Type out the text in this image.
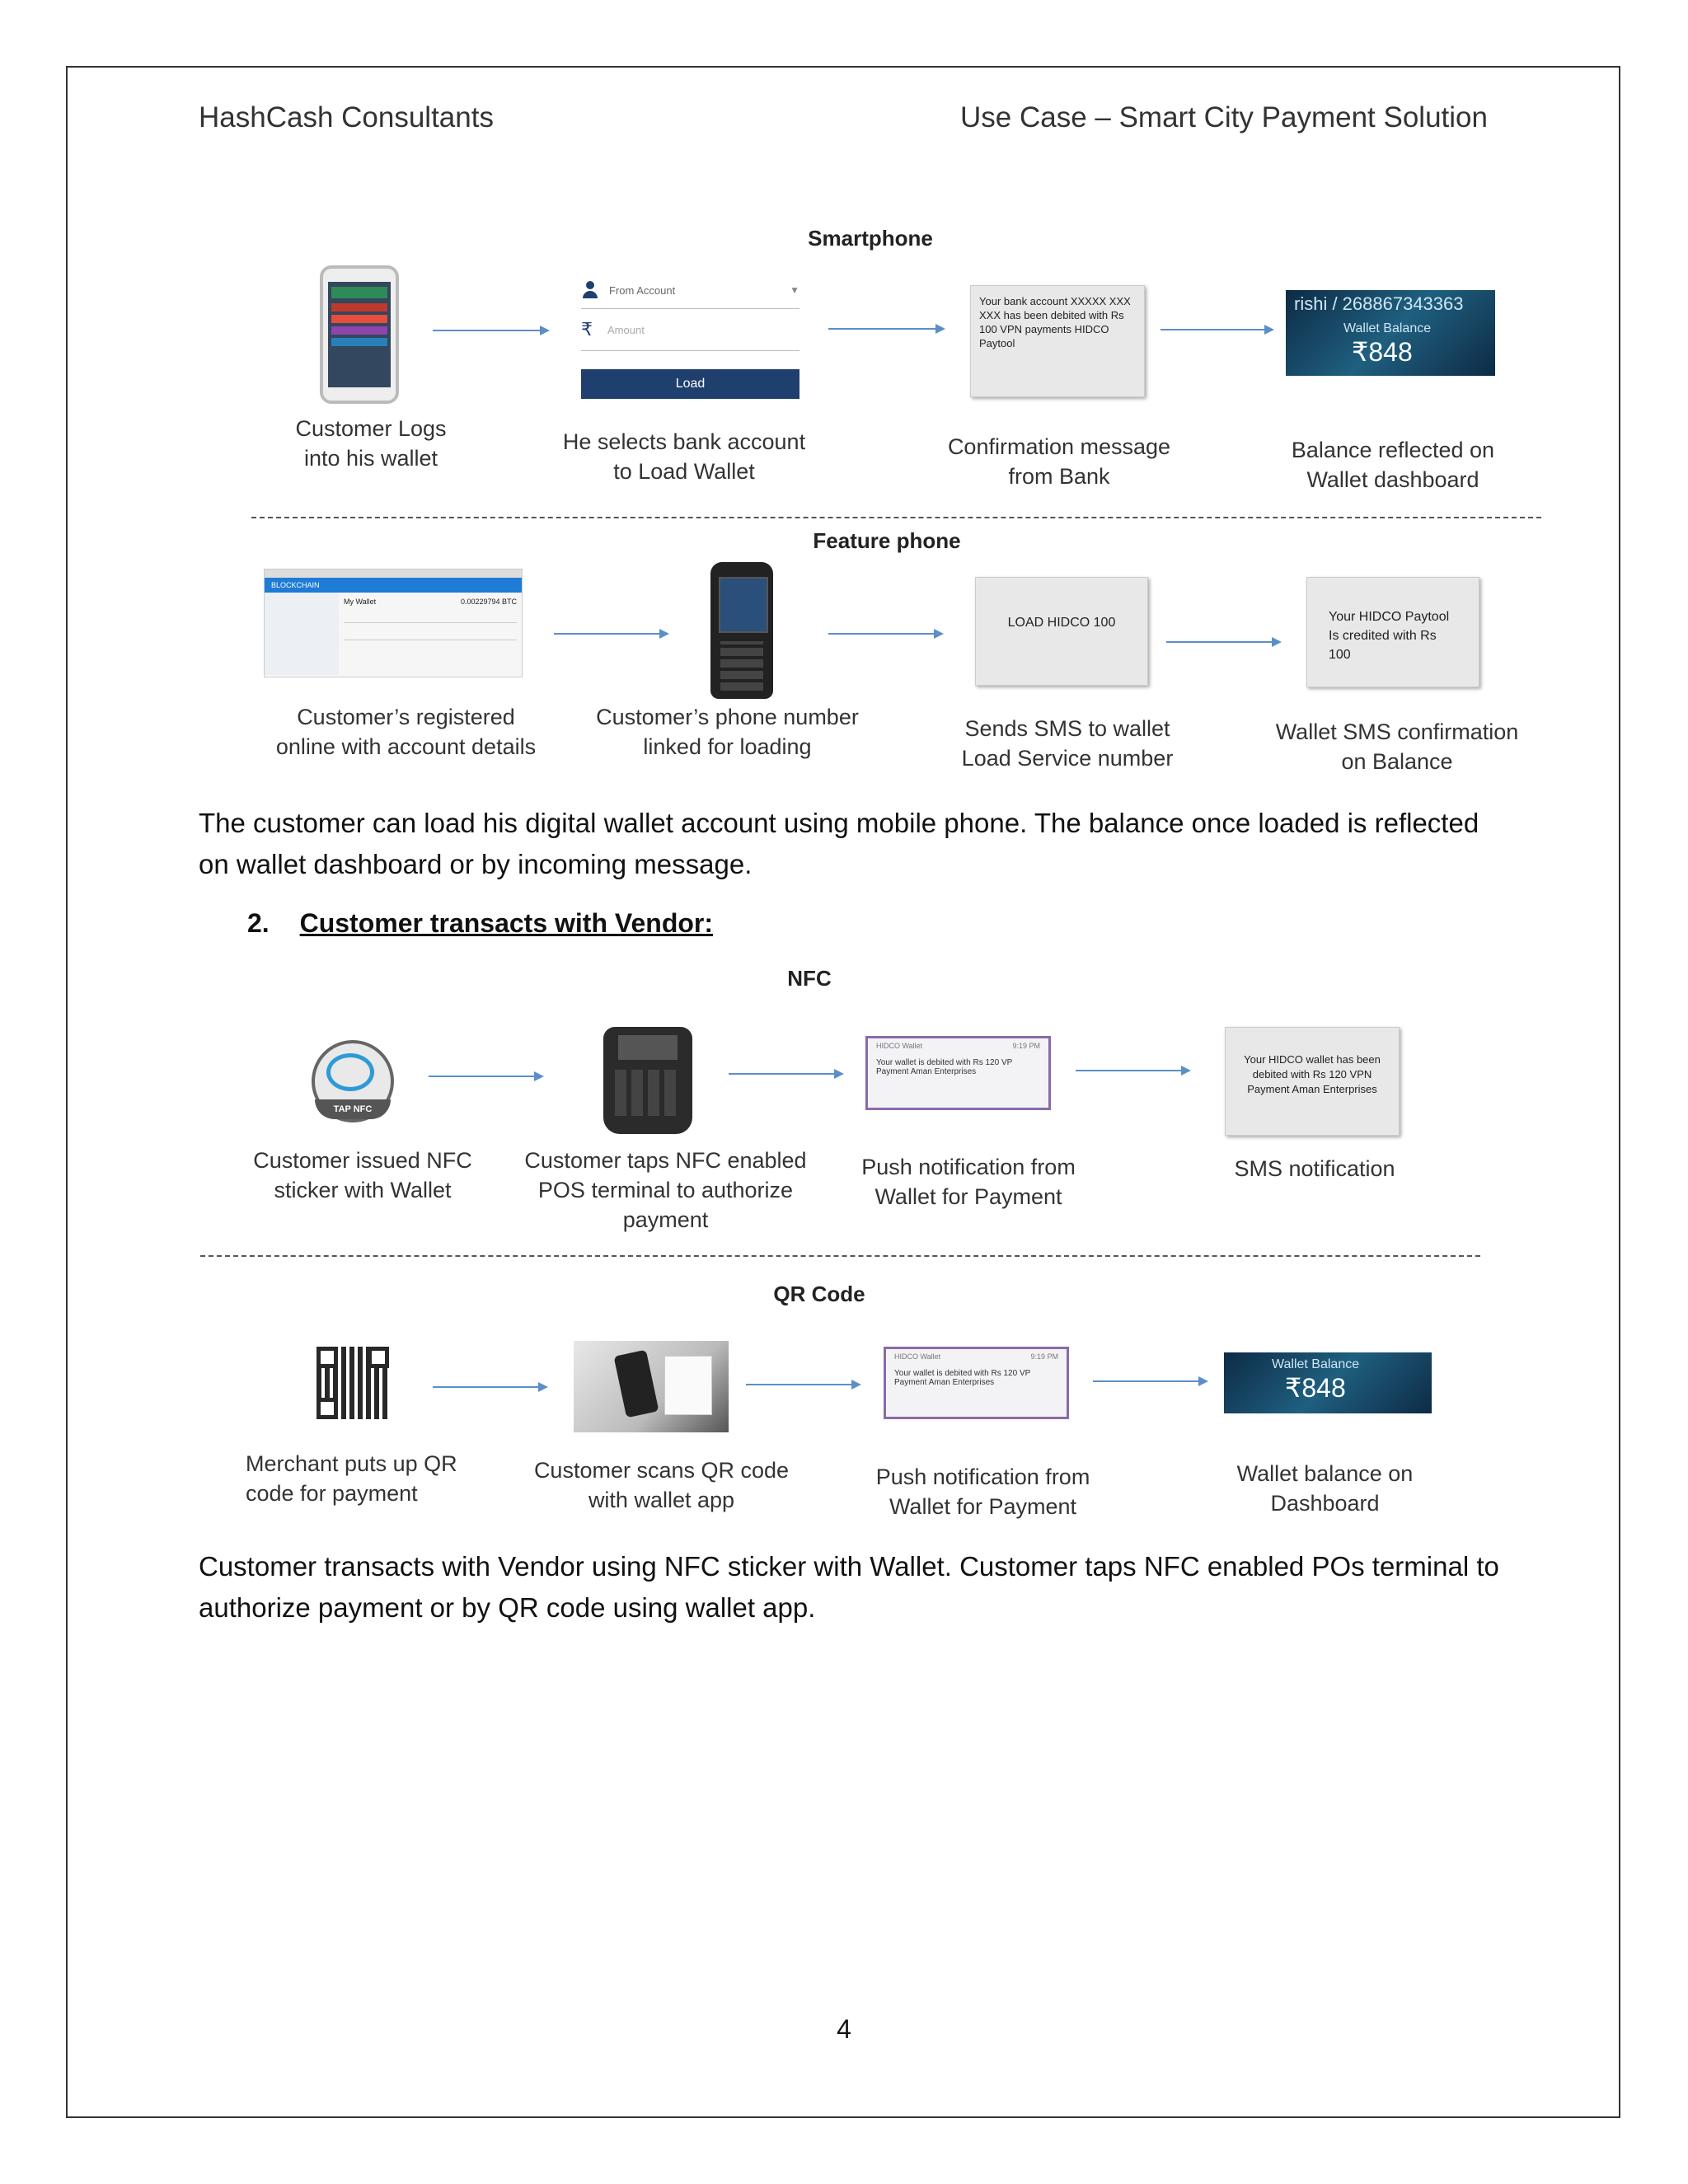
HashCash Consultants	Use Case – Smart City Payment Solution
Smartphone
From Account	▼
₹ Amount
Load
Your bank account XXXXX XXX XXX has been debited with Rs 100 VPN payments HIDCO Paytool
rishi / 268867343363
Wallet Balance
₹848
Customer Logs
into his wallet
He selects bank account
to Load Wallet
Confirmation message
from Bank
Balance reflected on
Wallet dashboard
Feature phone
BLOCKCHAIN
My Wallet	0.00229794 BTC
LOAD HIDCO 100	Your HIDCO Paytool Is credited with Rs 100
Customer’s registered
online with account details
Customer’s phone number
linked for loading
Sends SMS to wallet
Load Service number
Wallet SMS confirmation
on Balance
The customer can load his digital wallet account using mobile phone. The balance once loaded is reflected on wallet dashboard or by incoming message.
2. Customer transacts with Vendor:
NFC
TAP NFC
HIDCO Wallet	9:19 PM
Your wallet is debited with Rs 120 VP Payment Aman Enterprises
Your HIDCO wallet has been debited with Rs 120 VPN Payment Aman Enterprises
Customer issued NFC
sticker with Wallet
Customer taps NFC enabled
POS terminal to authorize
payment
Push notification from
Wallet for Payment
SMS notification
QR Code
HIDCO Wallet	9:19 PM
Your wallet is debited with Rs 120 VP Payment Aman Enterprises
Wallet Balance
₹848
Merchant puts up QR
code for payment
Customer scans QR code
with wallet app
Push notification from
Wallet for Payment
Wallet balance on
Dashboard
Customer transacts with Vendor using NFC sticker with Wallet. Customer taps NFC enabled POs terminal to authorize payment or by QR code using wallet app.
4
